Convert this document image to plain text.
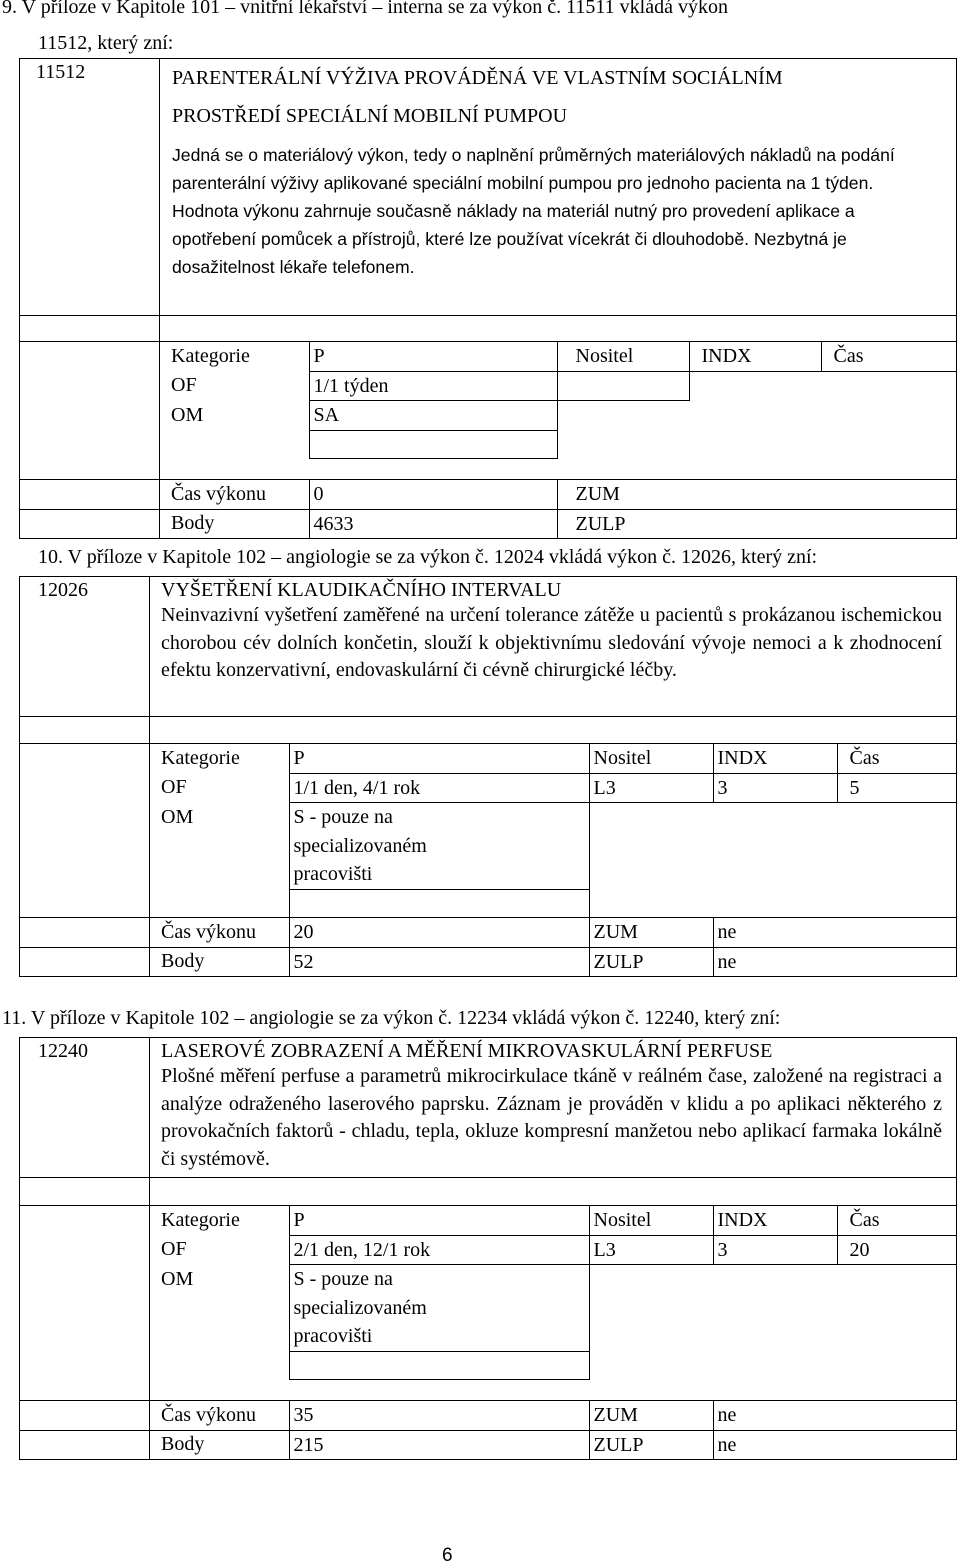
9. V příloze v Kapitole 101 – vnitřní lékařství – interna se za výkon č. 11511 vkládá výkon
11512, který zní:
11512	PARENTERÁLNÍ VÝŽIVA PROVÁDĚNÁ VE VLASTNÍM SOCIÁLNÍM
PROSTŘEDÍ SPECIÁLNÍ MOBILNÍ PUMPOU
Jedná se o materiálový výkon, tedy o naplnění průměrných materiálových nákladů na podání parenterální výživy aplikované speciální mobilní pumpou pro jednoho pacienta na 1 týden. Hodnota výkonu zahrnuje současně náklady na materiál nutný pro provedení aplikace a opotřebení pomůcek a přístrojů, které lze používat vícekrát či dlouhodobě. Nezbytná je dosažitelnost lékaře telefonem.

Kategorie	P	Nositel	INDX	Čas
OF	1/1 týden			
OM	SA			

Čas výkonu	0	ZUM

Body	4633	ZULP
10. V příloze v Kapitole 102 – angiologie se za výkon č. 12024 vkládá výkon č. 12026, který zní:
12026	VYŠETŘENÍ KLAUDIKAČNÍHO INTERVALU
Neinvazivní vyšetření zaměřené na určení tolerance zátěže u pacientů s prokázanou ischemickou chorobou cév dolních končetin, slouží k objektivnímu sledování vývoje nemoci a k zhodnocení efektu konzervativní, endovaskulární či cévně chirurgické léčby.

Kategorie	P	Nositel	INDX	Čas
OF	1/1 den, 4/1 rok	L3	3	5
OM	S - pouze na specializovaném pracovišti

Čas výkonu	20	ZUM	ne

Body	52	ZULP	ne
11. V příloze v Kapitole 102 – angiologie se za výkon č. 12234 vkládá výkon č. 12240, který zní:
12240	LASEROVÉ ZOBRAZENÍ A MĚŘENÍ MIKROVASKULÁRNÍ PERFUSE
Plošné měření perfuse a parametrů mikrocirkulace tkáně v reálném čase, založené na registraci a analýze odraženého laserového paprsku. Záznam je prováděn v klidu a po aplikaci některého z provokačních faktorů - chladu, tepla, okluze kompresní manžetou nebo aplikací farmaka lokálně či systémově.

Kategorie	P	Nositel	INDX	Čas
OF	2/1 den, 12/1 rok	L3	3	20
OM	S - pouze na specializovaném pracovišti

Čas výkonu	35	ZUM	ne

Body	215	ZULP	ne
6
